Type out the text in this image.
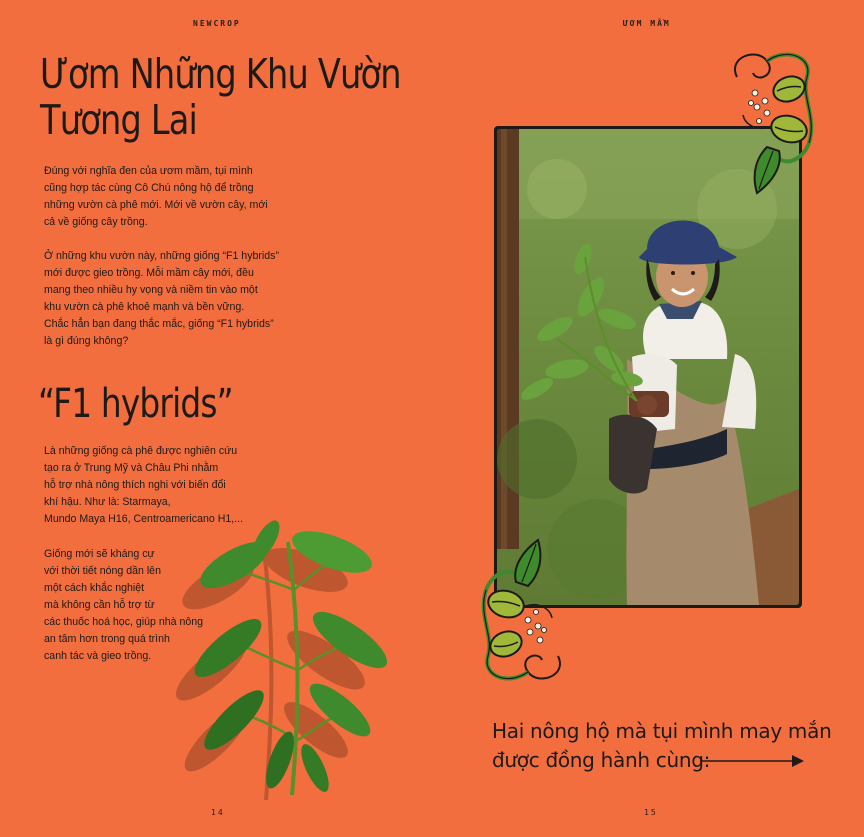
NEWCROP
Ươm Những Khu Vườn
Tương Lai

Đúng với nghĩa đen của ươm mầm, tụi mình
cũng hợp tác cùng Cô Chú nông hộ để trồng
những vườn cà phê mới. Mới về vườn cây, mới
cả về giống cây trồng.

Ở những khu vườn này, những giống “F1 hybrids”
mới được gieo trồng. Mỗi mầm cây mới, đều
mang theo nhiều hy vọng và niềm tin vào một
khu vườn cà phê khoẻ mạnh và bền vững.
Chắc hẳn bạn đang thắc mắc, giống “F1 hybrids”
là gì đúng không?

“F1 hybrids”

Là những giống cà phê được nghiên cứu
tạo ra ở Trung Mỹ và Châu Phi nhằm
hỗ trợ nhà nông thích nghi với biến đổi
khí hậu. Như là: Starmaya,
Mundo Maya H16, Centroamericano H1,...

Giống mới sẽ kháng cự
với thời tiết nóng dần lên
một cách khắc nghiệt
mà không cần hỗ trợ từ
các thuốc hoá học, giúp nhà nông
an tâm hơn trong quá trình
canh tác và gieo trồng.

14
ƯƠM MẦM
15

Hai nông hộ mà tụi mình may mắn
được đồng hành cùng:
